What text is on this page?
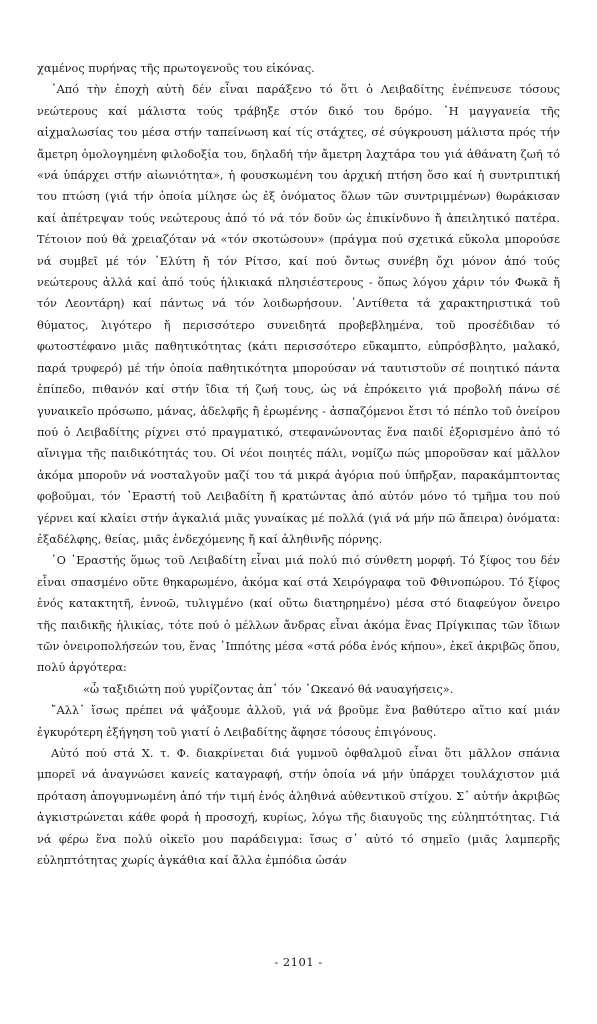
χαμένος πυρήνας τῆς πρωτογενοῦς του εἰκόνας.

᾿Από τὴν ἐποχὴ αὐτὴ δέν εἶναι παράξενο τό ὅτι ὁ Λειβαδίτης ἐνέπνευσε τόσους νεώτερους καί μάλιστα τούς τράβηξε στόν δικό του δρόμο. ῾Η μαγγανεία τῆς αἰχμαλωσίας του μέσα στήν ταπείνωση καί τίς στάχτες, σέ σύγκρουση μάλιστα πρός τήν ἄμετρη ὁμολογημένη φιλοδοξία του, δηλαδή τήν ἄμετρη λαχτάρα του γιά ἀθάνατη ζωή τό «νά ὑπάρχει στήν αἰωνιότητα», ἡ φουσκωμένη του ἀρχική πτήση ὅσο καί ἡ συντριπτική του πτώση (γιά τήν ὁποία μίλησε ὡς ἐξ ὀνόματος ὅλων τῶν συντριμμένων) θωράκισαν καί ἀπέτρεψαν τούς νεώτερους ἀπό τό νά τόν δοῦν ὡς ἐπικίνδυνο ἤ ἀπειλητικό πατέρα. Τέτοιον πού θά χρειαζόταν νά «τόν σκοτώσουν» (πράγμα πού σχετικά εὔκολα μπορούσε νά συμβεῖ μέ τόν ᾿Ελύτη ἤ τόν Ρίτσο, καί πού ὄντως συνέβη ὄχι μόνον ἀπό τούς νεώτερους ἀλλά καί ἀπό τούς ἡλικιακά πλησιέστερους - ὅπως λόγου χάριν τόν Φωκᾶ ἤ τόν Λεοντάρη) καί πάντως νά τόν λοιδωρήσουν. ᾿Αντίθετα τά χαρακτηριστικά τοῦ θύματος, λιγότερο ἤ περισσότερο συνειδητά προβεβλημένα, τοῦ προσέδιδαν τό φωτοστέφανο μιᾶς παθητικότητας (κάτι περισσότερο εὔκαμπτο, εὐπρόσβλητο, μαλακό, παρά τρυφερό) μέ τήν ὁποία παθητικότητα μπορούσαν νά ταυτιστοῦν σέ ποιητικό πάντα ἐπίπεδο, πιθανόν καί στήν ἴδια τή ζωή τους, ὡς νά ἐπρόκειτο γιά προβολή πάνω σέ γυναικεῖο πρόσωπο, μάνας, ἀδελφῆς ἤ ἐρωμένης - ἀσπαζόμενοι ἔτσι τό πέπλο τοῦ ὀνείρου πού ὁ Λειβαδίτης ρίχνει στό πραγματικό, στεφανώνοντας ἕνα παιδί ἐξορισμένο ἀπό τό αἴνιγμα τῆς παιδικότητάς του. Οἱ νέοι ποιητές πάλι, νομίζω πώς μποροῦσαν καί μᾶλλον ἀκόμα μποροῦν νά νοσταλγοῦν μαζί του τά μικρά ἀγόρια πού ὑπῆρξαν, παρακάμπτοντας φοβοῦμαι, τόν ᾿Εραστή τοῦ Λειβαδίτη ἤ κρατώντας ἀπό αὐτόν μόνο τό τμῆμα του πού γέρνει καί κλαίει στήν ἀγκαλιά μιᾶς γυναίκας μέ πολλά (γιά νά μήν πῶ ἄπειρα) ὀνόματα: ἐξαδέλφης, θείας, μιᾶς ἐνδεχόμενης ἤ καί ἀληθινῆς πόρνης.

῾Ο ᾿Εραστής ὅμως τοῦ Λειβαδίτη εἶναι μιά πολύ πιό σύνθετη μορφή. Τό ξίφος του δέν εἶναι σπασμένο οὔτε θηκαρωμένο, ἀκόμα καί στά Χειρόγραφα τοῦ Φθινοπώρου. Τό ξίφος ἑνός κατακτητῆ, ἐννοῶ, τυλιγμένο (καί οὔτω διατηρημένο) μέσα στό διαφεύγον ὄνειρο τῆς παιδικῆς ἡλικίας, τότε πού ὁ μέλλων ἄνδρας εἶναι ἀκόμα ἕνας Πρίγκιπας τῶν ἴδιων τῶν ὀνειροπολήσεών του, ἕνας ῾Ιππότης μέσα «στά ρόδα ἑνός κήπου», ἐκεῖ ἀκριβῶς ὅπου, πολύ ἀργότερα:

«ὦ ταξιδιώτη πού γυρίζοντας ἀπ᾿ τόν ᾿Ωκεανό θά ναυαγήσεις».

῎Αλλ᾿ ἴσως πρέπει νά ψάξουμε ἀλλοῦ, γιά νά βροῦμε ἕνα βαθύτερο αἴτιο καί μιάν ἐγκυρότερη ἐξήγηση τοῦ γιατί ὁ Λειβαδίτης ἄφησε τόσους ἐπιγόνους.

Αὐτό πού στά Χ. τ. Φ. διακρίνεται διά γυμνοῦ ὀφθαλμοῦ εἶναι ὅτι μᾶλλον σπάνια μπορεῖ νά ἀναγνώσει κανείς καταγραφή, στήν ὁποία νά μήν ὑπάρχει τουλάχιστον μιά πρόταση ἀπογυμνωμένη ἀπό τήν τιμή ἑνός ἀληθινά αὐθεντικοῦ στίχου. Σ᾿ αὐτήν ἀκριβῶς ἀγκιστρώνεται κάθε φορά ἡ προσοχή, κυρίως, λόγω τῆς διαυγοῦς της εὐληπτότητας. Γιά νά φέρω ἕνα πολύ οἰκεῖο μου παράδειγμα: ἴσως σ᾿ αὐτό τό σημεῖο (μιᾶς λαμπερῆς εὐληπτότητας χωρίς ἀγκάθια καί ἄλλα ἐμπόδια ὡσάν

- 2101 -
